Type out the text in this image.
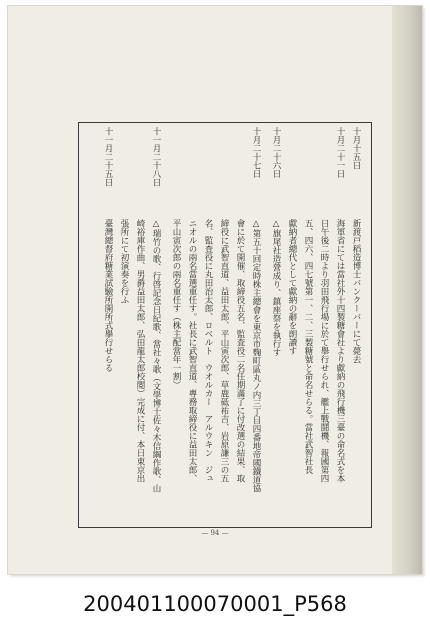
新渡戸稻造博士バンクーバーにて薨去
海軍省にては當社外十四製糖會社より獻納の飛行機三臺の命名式を本
日午後二時より羽田飛行場に於て舉行せられ、艦上戰鬪機、報國第四
五、四六、四七號第一、二、三製糖號と命名せらる。當社武智社長
獻納者總代として獻納の辭を朗讀す
△旗尾社造營成り、鎮座祭を執行す
△第五十回定時株主總會を東京市麴町區丸ノ内三丁目四番地帝國鐵道協
會に於て開催、取締役五名、監査役二名任期滿了に付改選の結果、取
締役に武智直道、益田太郎、平山寅次郎、草鹿砥祐吉、岩原謙三の五
名、監査役に丸田治太郎、ロベルト　ウオルカー　アルウキン　ジュ
ニオルの兩名當選重任す。社長に武智直道、專務取締役に益田太郎、
平山寅次郎の兩名重任す（株主配當年一割）
△瑞竹の歌、行啓記念日紀歌、當社々歌（文學博士佐々木信綱作歌、山
崎裕庫作曲、男爵益田太郎、弘田龍太郎校閲）完成に付、本日東京出
張所にて初演奏を行ふ
臺灣總督府糖業試驗所開所式擧行せらる
十月十五日
十月二十一日
十月二十六日
十月二十七日
十一月二十八日
十一月二十五日
— 94 —
200401100070001_P568
